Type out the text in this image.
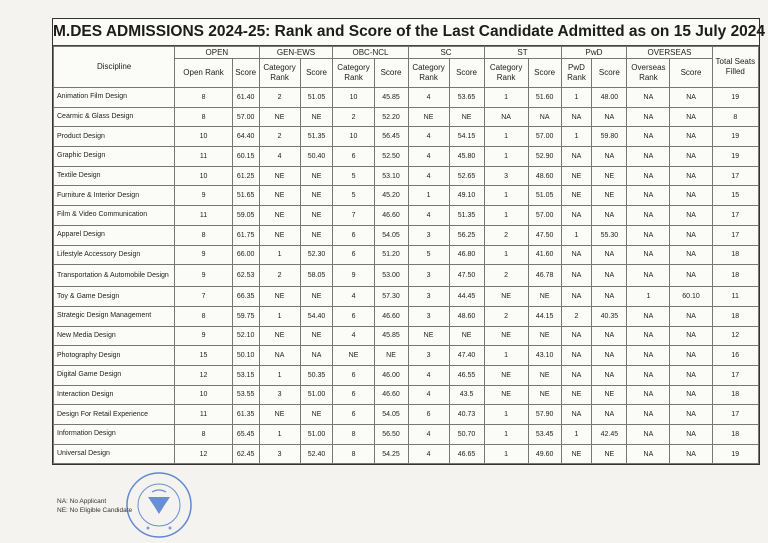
M.DES ADMISSIONS 2024-25: Rank and Score of the Last Candidate Admitted as on 15 July 2024
Discipline	OPEN		GEN-EWS		OBC-NCL		SC		ST		PwD		OVERSEAS		Total Seats Filled
	Open Rank	Score	Category Rank	Score	Category Rank	Score	Category Rank	Score	Category Rank	Score	PwD Rank	Score	Overseas Rank	Score	
Animation Film Design	8	61.40	2	51.05	10	45.85	4	53.65	1	51.60	1	48.00	NA	NA	19
Cearmic & Glass Design	8	57.00	NE	NE	2	52.20	NE	NE	NA	NA	NA	NA	NA	NA	8
Product Design	10	64.40	2	51.35	10	56.45	4	54.15	1	57.00	1	59.80	NA	NA	19
Graphic Design	11	60.15	4	50.40	6	52.50	4	45.80	1	52.90	NA	NA	NA	NA	19
Textile Design	10	61.25	NE	NE	5	53.10	4	52.65	3	48.60	NE	NE	NA	NA	17
Furniture & Interior Design	9	51.65	NE	NE	5	45.20	1	49.10	1	51.05	NE	NE	NA	NA	15
Film & Video Communication	11	59.05	NE	NE	7	46.60	4	51.35	1	57.00	NA	NA	NA	NA	17
Apparel Design	8	61.75	NE	NE	6	54.05	3	56.25	2	47.50	1	55.30	NA	NA	17
Lifestyle Accessory Design	9	66.00	1	52.30	6	51.20	5	46.80	1	41.60	NA	NA	NA	NA	18
Transportation & Automobile Design	9	62.53	2	58.05	9	53.00	3	47.50	2	46.78	NA	NA	NA	NA	18
Toy & Game Design	7	66.35	NE	NE	4	57.30	3	44.45	NE	NE	NA	NA	1	60.10	11
Strategic Design Management	8	59.75	1	54.40	6	46.60	3	48.60	2	44.15	2	40.35	NA	NA	18
New Media Design	9	52.10	NE	NE	4	45.85	NE	NE	NE	NE	NA	NA	NA	NA	12
Photography Design	15	50.10	NA	NA	NE	NE	3	47.40	1	43.10	NA	NA	NA	NA	16
Digital Game Design	12	53.15	1	50.35	6	46.00	4	46.55	NE	NE	NA	NA	NA	NA	17
Interaction Design	10	53.55	3	51.00	6	46.60	4	43.5	NE	NE	NE	NE	NA	NA	18
Design For Retail Experience	11	61.35	NE	NE	6	54.05	6	40.73	1	57.90	NA	NA	NA	NA	17
Information Design	8	65.45	1	51.00	8	56.50	4	50.70	1	53.45	1	42.45	NA	NA	18
Universal Design	12	62.45	3	52.40	8	54.25	4	46.65	1	49.60	NE	NE	NA	NA	19
NA: No Applicant
NE: No Eligible Candidate
